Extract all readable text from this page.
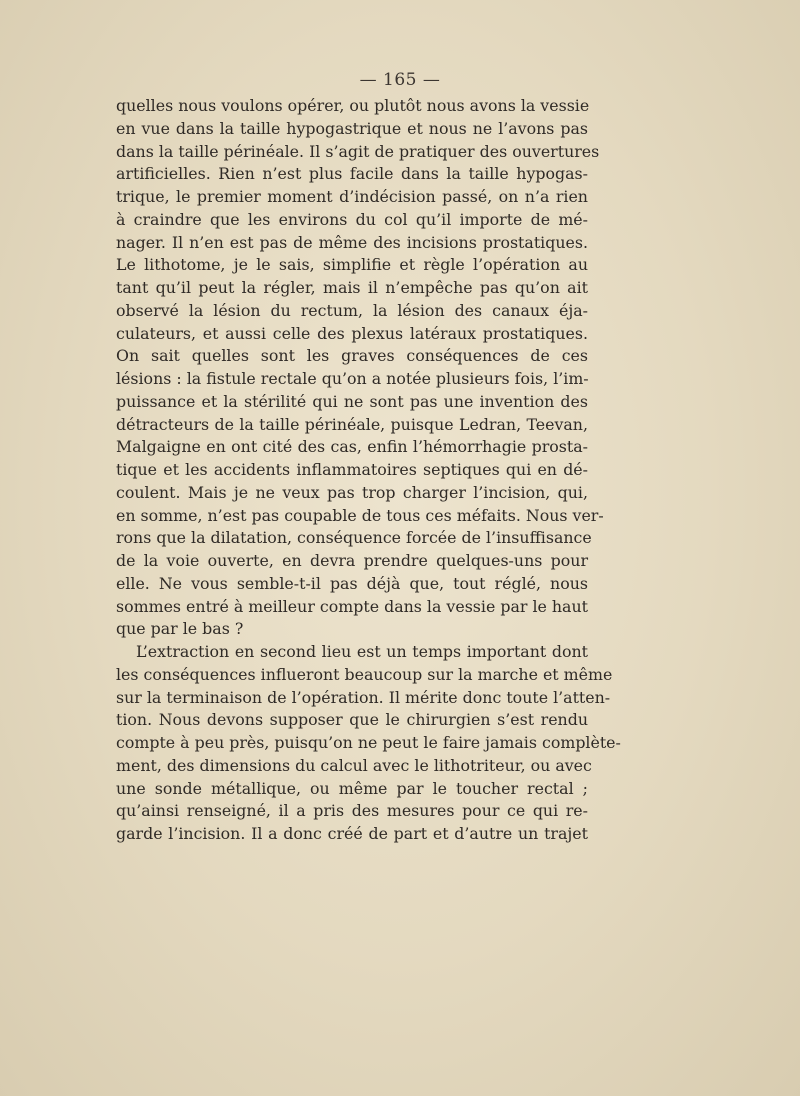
— 165 —
quelles nous voulons opérer, ou plutôt nous avons la vessie
en vue dans la taille hypogastrique et nous ne l’avons pas
dans la taille périnéale. Il s’agit de pratiquer des ouvertures
artificielles. Rien n’est plus facile dans la taille hypogas-
trique, le premier moment d’indécision passé, on n’a rien
à craindre que les environs du col qu’il importe de mé-
nager. Il n’en est pas de même des incisions prostatiques.
Le lithotome, je le sais, simplifie et règle l’opération au
tant qu’il peut la régler, mais il n’empêche pas qu’on ait
observé la lésion du rectum, la lésion des canaux éja-
culateurs, et aussi celle des plexus latéraux prostatiques.
On sait quelles sont les graves conséquences de ces
lésions : la fistule rectale qu’on a notée plusieurs fois, l’im-
puissance et la stérilité qui ne sont pas une invention des
détracteurs de la taille périnéale, puisque Ledran, Teevan,
Malgaigne en ont cité des cas, enfin l’hémorrhagie prosta-
tique et les accidents inflammatoires septiques qui en dé-
coulent. Mais je ne veux pas trop charger l’incision, qui,
en somme, n’est pas coupable de tous ces méfaits. Nous ver-
rons que la dilatation, conséquence forcée de l’insuffisance
de la voie ouverte, en devra prendre quelques-uns pour
elle. Ne vous semble-t-il pas déjà que, tout réglé, nous
sommes entré à meilleur compte dans la vessie par le haut
que par le bas ?
L’extraction en second lieu est un temps important dont
les conséquences influeront beaucoup sur la marche et même
sur la terminaison de l’opération. Il mérite donc toute l’atten-
tion. Nous devons supposer que le chirurgien s’est rendu
compte à peu près, puisqu’on ne peut le faire jamais complète-
ment, des dimensions du calcul avec le lithotriteur, ou avec
une sonde métallique, ou même par le toucher rectal ;
qu’ainsi renseigné, il a pris des mesures pour ce qui re-
garde l’incision. Il a donc créé de part et d’autre un trajet
